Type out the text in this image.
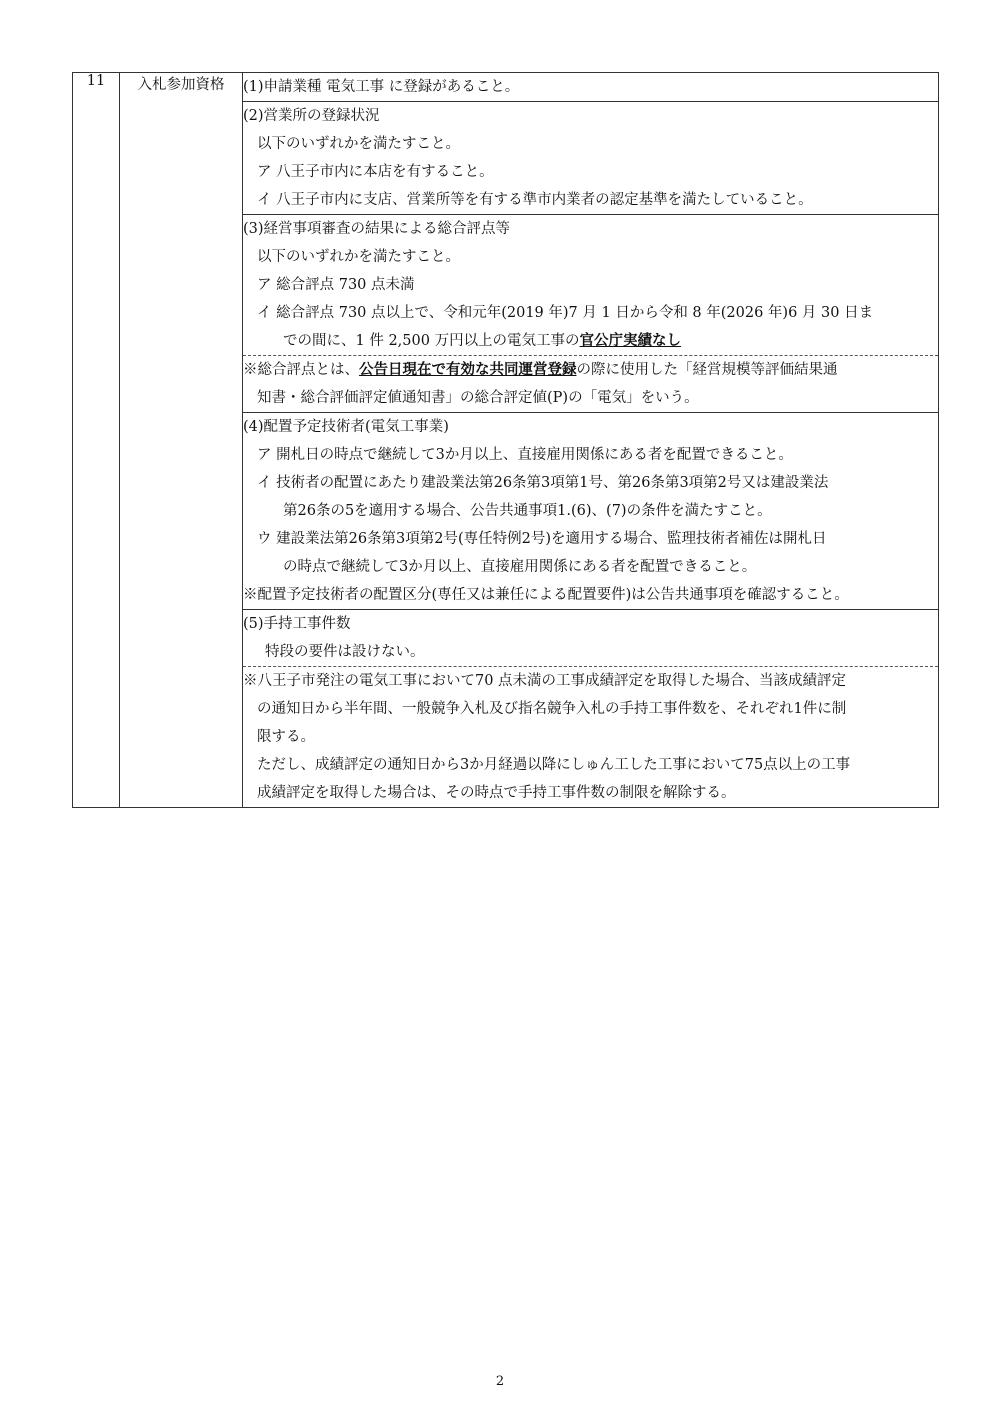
11	入札参加資格	(1)申請業種 電気工事 に登録があること。

(2)営業所の登録状況
以下のいずれかを満たすこと。
ア 八王子市内に本店を有すること。
イ 八王子市内に支店、営業所等を有する準市内業者の認定基準を満たしていること。

(3)経営事項審査の結果による総合評点等
以下のいずれかを満たすこと。
ア 総合評点 730 点未満
イ 総合評点 730 点以上で、令和元年(2019 年)7 月 1 日から令和 8 年(2026 年)6 月 30 日ま
での間に、1 件 2,500 万円以上の電気工事の官公庁実績なし

※総合評点とは、公告日現在で有効な共同運営登録の際に使用した「経営規模等評価結果通
知書・総合評価評定値通知書」の総合評定値(P)の「電気」をいう。

(4)配置予定技術者(電気工事業)
ア 開札日の時点で継続して3か月以上、直接雇用関係にある者を配置できること。
イ 技術者の配置にあたり建設業法第26条第3項第1号、第26条第3項第2号又は建設業法
第26条の5を適用する場合、公告共通事項1.(6)、(7)の条件を満たすこと。
ウ 建設業法第26条第3項第2号(専任特例2号)を適用する場合、監理技術者補佐は開札日
の時点で継続して3か月以上、直接雇用関係にある者を配置できること。
※配置予定技術者の配置区分(専任又は兼任による配置要件)は公告共通事項を確認すること。

(5)手持工事件数
特段の要件は設けない。

※八王子市発注の電気工事において70 点未満の工事成績評定を取得した場合、当該成績評定
の通知日から半年間、一般競争入札及び指名競争入札の手持工事件数を、それぞれ1件に制
限する。
ただし、成績評定の通知日から3か月経過以降にしゅん工した工事において75点以上の工事
成績評定を取得した場合は、その時点で手持工事件数の制限を解除する。
2
